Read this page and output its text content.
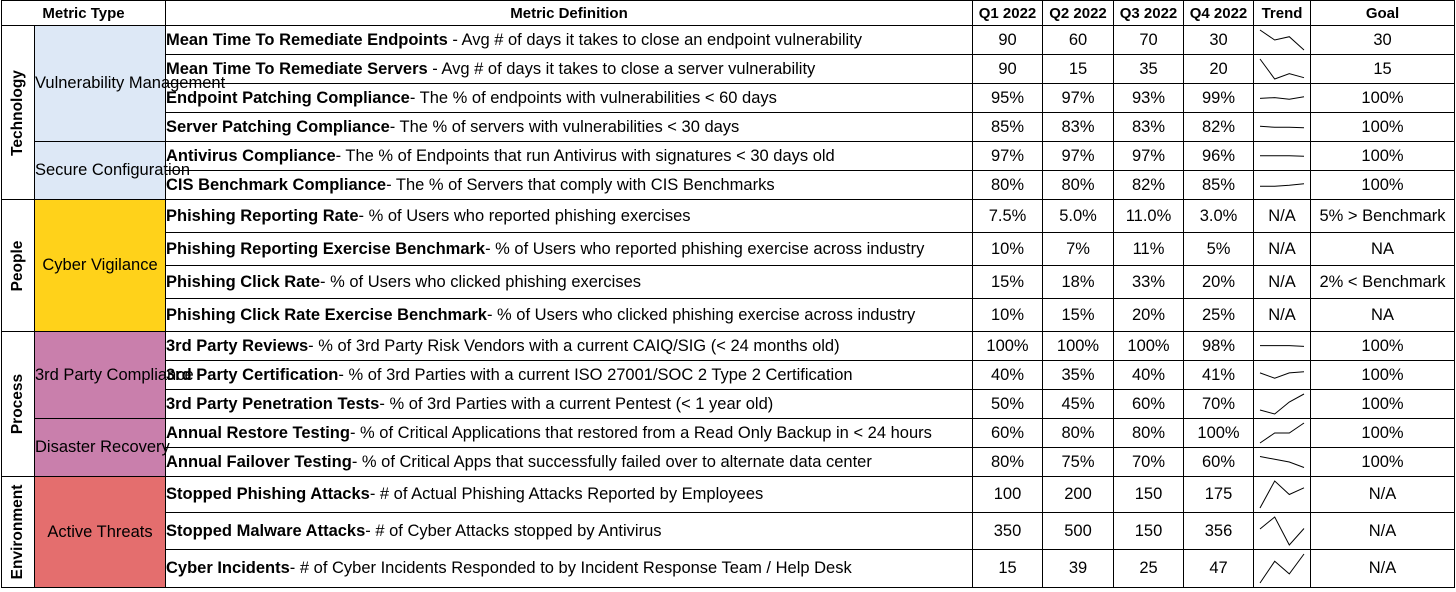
Metric Type		Metric Definition	Q1 2022	Q2 2022	Q3 2022	Q4 2022	Trend	Goal

Technology	Vulnerability Management	Mean Time To Remediate Endpoints - Avg # of days it takes to close an endpoint vulnerability	90	60	70	30		30
		Mean Time To Remediate Servers - Avg # of days it takes to close a server vulnerability	90	15	35	20		15
		Endpoint Patching Compliance- The % of endpoints with vulnerabilities < 60 days	95%	97%	93%	99%		100%
		Server Patching Compliance- The % of servers with vulnerabilities < 30 days	85%	83%	83%	82%		100%
	Secure Configuration	Antivirus Compliance- The % of Endpoints that run Antivirus with signatures < 30 days old	97%	97%	97%	96%		100%
		CIS Benchmark Compliance- The % of Servers that comply with CIS Benchmarks	80%	80%	82%	85%		100%

People	Cyber Vigilance	Phishing Reporting Rate- % of Users who reported phishing exercises	7.5%	5.0%	11.0%	3.0%	N/A	5% > Benchmark
		Phishing Reporting Exercise Benchmark- % of Users who reported phishing exercise across industry	10%	7%	11%	5%	N/A	NA
		Phishing Click Rate- % of Users who clicked phishing exercises	15%	18%	33%	20%	N/A	2% < Benchmark
		Phishing Click Rate Exercise Benchmark- % of Users who clicked phishing exercise across industry	10%	15%	20%	25%	N/A	NA

Process	3rd Party Compliance	3rd Party Reviews- % of 3rd Party Risk Vendors with a current CAIQ/SIG (< 24 months old)	100%	100%	100%	98%		100%
		3rd Party Certification- % of 3rd Parties with a current ISO 27001/SOC 2 Type 2 Certification	40%	35%	40%	41%		100%
		3rd Party Penetration Tests- % of 3rd Parties with a current Pentest (< 1 year old)	50%	45%	60%	70%		100%
	Disaster Recovery	Annual Restore Testing- % of Critical Applications that restored from a Read Only Backup in < 24 hours	60%	80%	80%	100%		100%
		Annual Failover Testing- % of Critical Apps that successfully failed over to alternate data center	80%	75%	70%	60%		100%

Environment	Active Threats	Stopped Phishing Attacks- # of Actual Phishing Attacks Reported by Employees	100	200	150	175		N/A
		Stopped Malware Attacks- # of Cyber Attacks stopped by Antivirus	350	500	150	356		N/A
		Cyber Incidents- # of Cyber Incidents Responded to by Incident Response Team / Help Desk	15	39	25	47		N/A
